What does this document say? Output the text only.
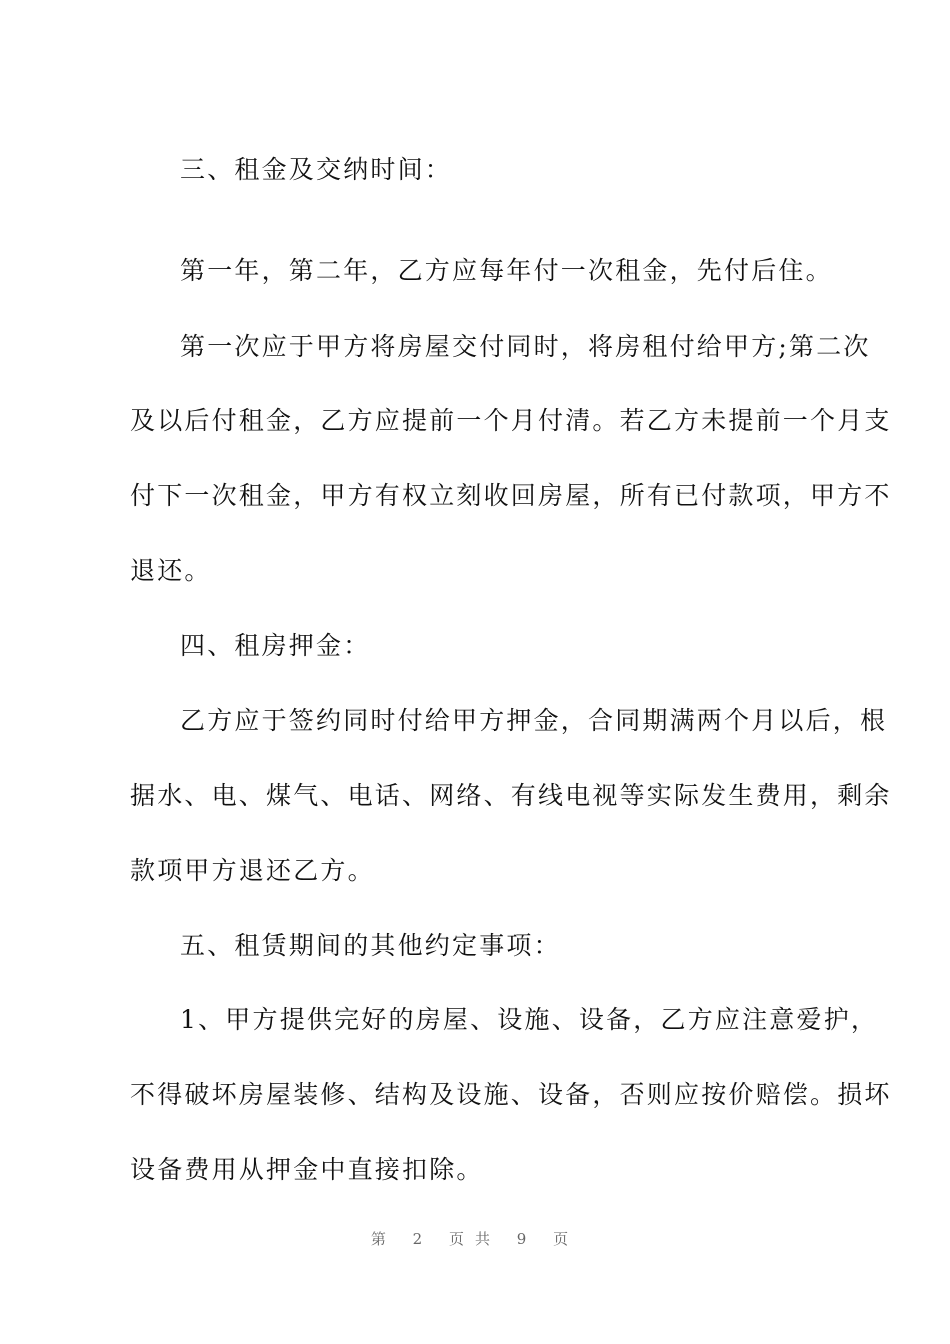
三、租金及交纳时间：
第一年，第二年，乙方应每年付一次租金，先付后住。
第一次应于甲方将房屋交付同时，将房租付给甲方;第二次
及以后付租金，乙方应提前一个月付清。若乙方未提前一个月支
付下一次租金，甲方有权立刻收回房屋，所有已付款项，甲方不
退还。
四、租房押金：
乙方应于签约同时付给甲方押金，合同期满两个月以后，根
据水、电、煤气、电话、网络、有线电视等实际发生费用，剩余
款项甲方退还乙方。
五、租赁期间的其他约定事项：
1、甲方提供完好的房屋、设施、设备，乙方应注意爱护，
不得破坏房屋装修、结构及设施、设备，否则应按价赔偿。损坏
设备费用从押金中直接扣除。
第 2 页共 9 页
